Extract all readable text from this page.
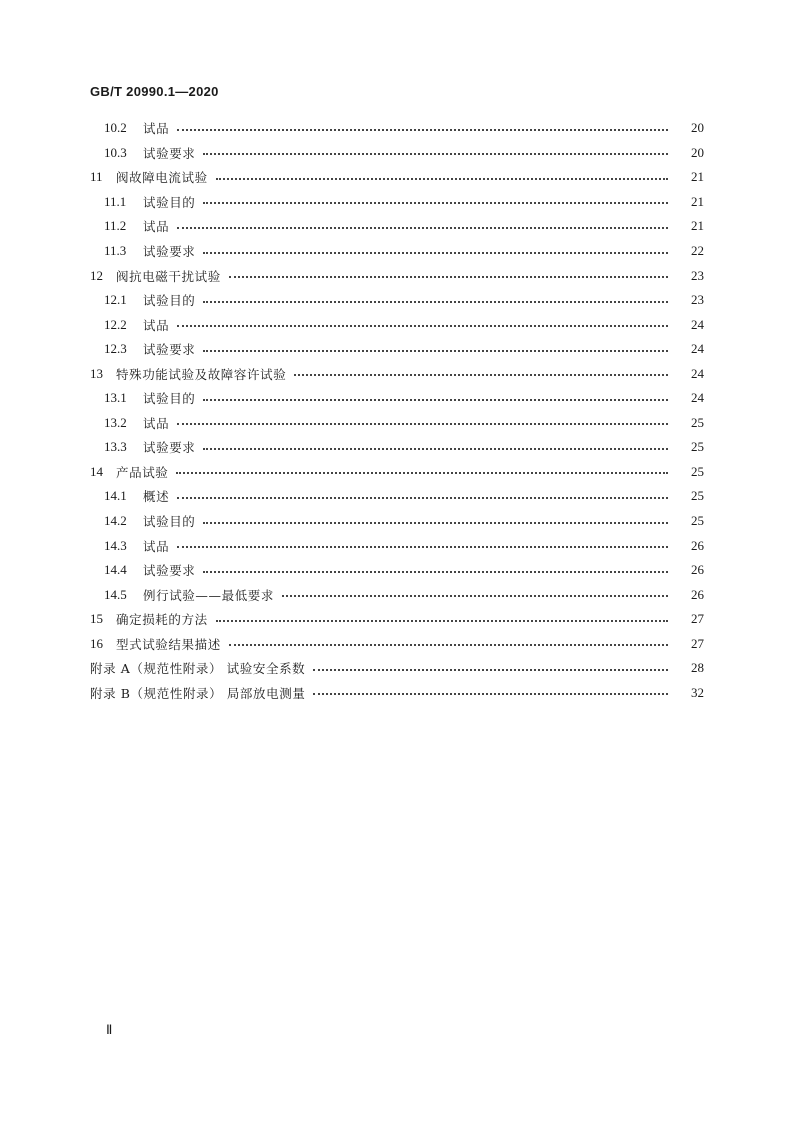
GB/T 20990.1—2020
10.2	试品	20
10.3	试验要求	20
11	阀故障电流试验	21
11.1	试验目的	21
11.2	试品	21
11.3	试验要求	22
12	阀抗电磁干扰试验	23
12.1	试验目的	23
12.2	试品	24
12.3	试验要求	24
13	特殊功能试验及故障容许试验	24
13.1	试验目的	24
13.2	试品	25
13.3	试验要求	25
14	产品试验	25
14.1	概述	25
14.2	试验目的	25
14.3	试品	26
14.4	试验要求	26
14.5	例行试验——最低要求	26
15	确定损耗的方法	27
16	型式试验结果描述	27
附录 A（规范性附录） 试验安全系数	28
附录 B（规范性附录） 局部放电测量	32
Ⅱ
